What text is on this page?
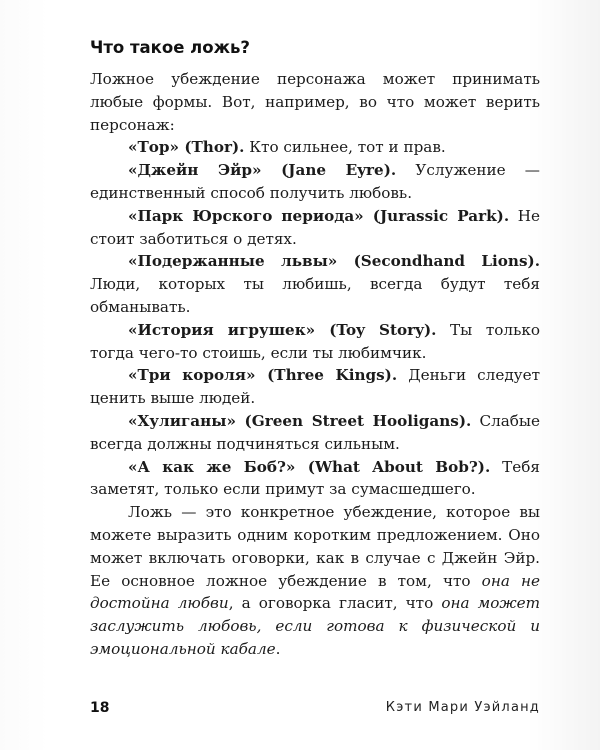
Что такое ложь?

Ложное убеждение персонажа может принимать любые формы. Вот, например, во что может верить персонаж:

«Тор» (Thor). Кто сильнее, тот и прав.

«Джейн Эйр» (Jane Eyre). Услужение — единственный способ получить любовь.

«Парк Юрского периода» (Jurassic Park). Не стоит заботиться о детях.

«Подержанные львы» (Secondhand Lions). Люди, которых ты любишь, всегда будут тебя обманывать.

«История игрушек» (Toy Story). Ты только тогда чего-то стоишь, если ты любимчик.

«Три короля» (Three Kings). Деньги следует ценить выше людей.

«Хулиганы» (Green Street Hooligans). Слабые всегда должны подчиняться сильным.

«А как же Боб?» (What About Bob?). Тебя заметят, только если примут за сумасшедшего.

Ложь — это конкретное убеждение, которое вы можете выразить одним коротким предложением. Оно может включать оговорки, как в случае с Джейн Эйр. Ее основное ложное убеждение в том, что она не достойна любви, а оговорка гласит, что она может заслужить любовь, если готова к физической и эмоциональной кабале.

18	Кэти Мари Уэйланд
